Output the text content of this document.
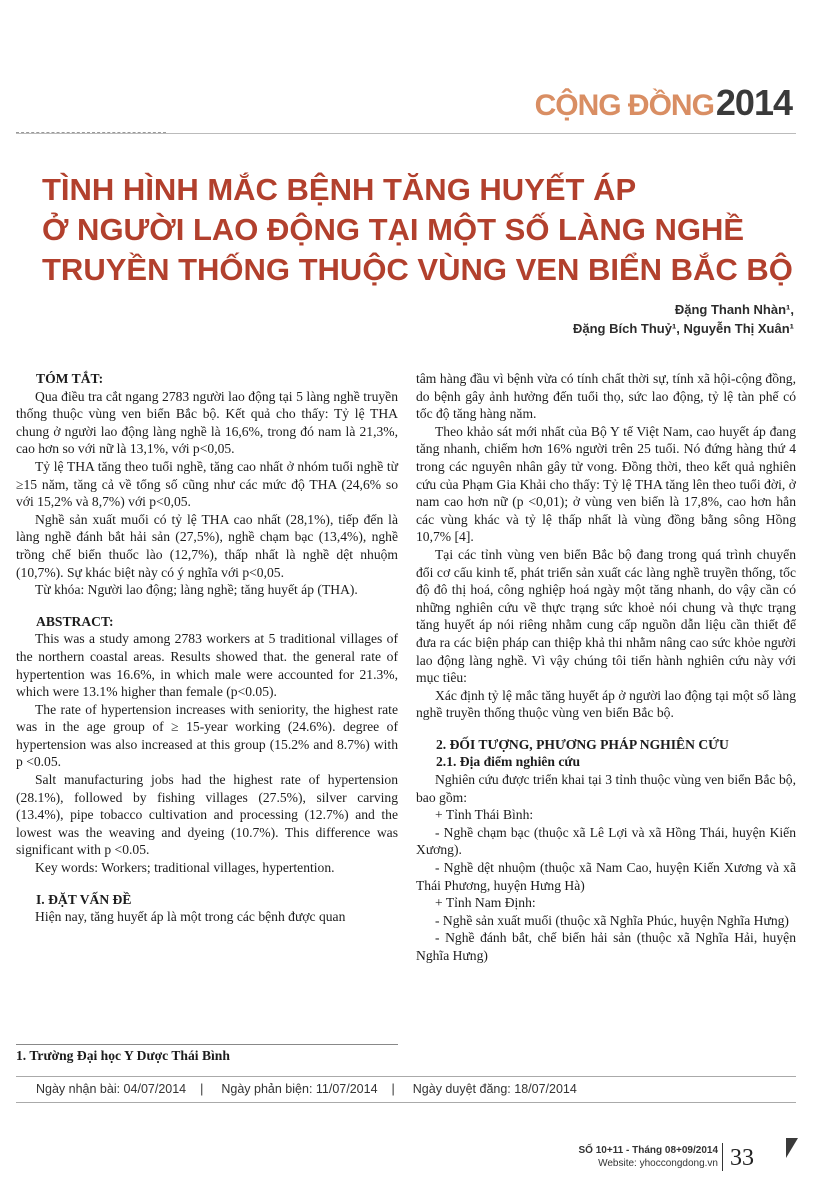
CỘNG ĐỒNG2014
TÌNH HÌNH MẮC BỆNH TĂNG HUYẾT ÁP
Ở NGƯỜI LAO ĐỘNG TẠI MỘT SỐ LÀNG NGHỀ
TRUYỀN THỐNG THUỘC VÙNG VEN BIỂN BẮC BỘ
Đặng Thanh Nhàn¹,
Đặng Bích Thuỷ¹, Nguyễn Thị Xuân¹
TÓM TẮT:

Qua điều tra cắt ngang 2783 người lao động tại 5 làng nghề truyền thống thuộc vùng ven biển Bắc bộ. Kết quả cho thấy: Tỷ lệ THA chung ở người lao động làng nghề là 16,6%, trong đó nam là 21,3%, cao hơn so với nữ là 13,1%, với p<0,05.

Tỷ lệ THA tăng theo tuổi nghề, tăng cao nhất ở nhóm tuổi nghề từ ≥15 năm, tăng cả về tổng số cũng như các mức độ THA (24,6% so với 15,2% và 8,7%) với p<0,05.

Nghề sản xuất muối có tỷ lệ THA cao nhất (28,1%), tiếp đến là làng nghề đánh bắt hải sản (27,5%), nghề chạm bạc (13,4%), nghề trồng chế biến thuốc lào (12,7%), thấp nhất là nghề dệt nhuộm (10,7%). Sự khác biệt này có ý nghĩa với p<0,05.

Từ khóa: Người lao động; làng nghề; tăng huyết áp (THA).

ABSTRACT:

This was a study among 2783 workers at 5 traditional villages of the northern coastal areas. Results showed that. the general rate of hypertention was 16.6%, in which male were accounted for 21.3%, which were 13.1% higher than female (p<0.05).

The rate of hypertension increases with seniority, the highest rate was in the age group of ≥ 15-year working (24.6%). degree of hypertension was also increased at this group (15.2% and 8.7%) with p <0.05.

Salt manufacturing jobs had the highest rate of hypertension (28.1%), followed by fishing villages (27.5%), silver carving (13.4%), pipe tobacco cultivation and processing (12.7%) and the lowest was the weaving and dyeing (10.7%). This difference was significant with p <0.05.

Key words: Workers; traditional villages, hypertention.

I. ĐẶT VẤN ĐỀ

Hiện nay, tăng huyết áp là một trong các bệnh được quan

tâm hàng đầu vì bệnh vừa có tính chất thời sự, tính xã hội-cộng đồng, do bệnh gây ảnh hưởng đến tuổi thọ, sức lao động, tỷ lệ tàn phế có tốc độ tăng hàng năm.

Theo khảo sát mới nhất của Bộ Y tế Việt Nam, cao huyết áp đang tăng nhanh, chiếm hơn 16% người trên 25 tuổi. Nó đứng hàng thứ 4 trong các nguyên nhân gây tử vong. Đồng thời, theo kết quả nghiên cứu của Phạm Gia Khải cho thấy: Tỷ lệ THA tăng lên theo tuổi đời, ở nam cao hơn nữ (p <0,01); ở vùng ven biển là 17,8%, cao hơn hẳn các vùng khác và tỷ lệ thấp nhất là vùng đồng bằng sông Hồng 10,7% [4].

Tại các tỉnh vùng ven biển Bắc bộ đang trong quá trình chuyển đổi cơ cấu kinh tế, phát triển sản xuất các làng nghề truyền thống, tốc độ đô thị hoá, công nghiệp hoá ngày một tăng nhanh, do vậy cần có những nghiên cứu về thực trạng sức khoẻ nói chung và thực trạng tăng huyết áp nói riêng nhằm cung cấp nguồn dẫn liệu cần thiết để đưa ra các biện pháp can thiệp khả thi nhằm nâng cao sức khỏe người lao động làng nghề. Vì vậy chúng tôi tiến hành nghiên cứu này với mục tiêu:

Xác định tỷ lệ mắc tăng huyết áp ở người lao động tại một số làng nghề truyền thống thuộc vùng ven biển Bắc bộ.

2. ĐỐI TƯỢNG, PHƯƠNG PHÁP NGHIÊN CỨU
2.1. Địa điểm nghiên cứu

Nghiên cứu được triển khai tại 3 tỉnh thuộc vùng ven biển Bắc bộ, bao gồm:

+ Tỉnh Thái Bình:

- Nghề chạm bạc (thuộc xã Lê Lợi và xã Hồng Thái, huyện Kiến Xương).

- Nghề dệt nhuộm (thuộc xã Nam Cao, huyện Kiến Xương và xã Thái Phương, huyện Hưng Hà)

+ Tỉnh Nam Định:

- Nghề sản xuất muối (thuộc xã Nghĩa Phúc, huyện Nghĩa Hưng)

- Nghề đánh bắt, chế biến hải sản (thuộc xã Nghĩa Hải, huyện Nghĩa Hưng)

1. Trường Đại học Y Dược Thái Bình
Ngày nhận bài: 04/07/2014 | Ngày phản biện: 11/07/2014 | Ngày duyệt đăng: 18/07/2014
SỐ 10+11 - Tháng 08+09/2014
Website: yhoccongdong.vn 33
